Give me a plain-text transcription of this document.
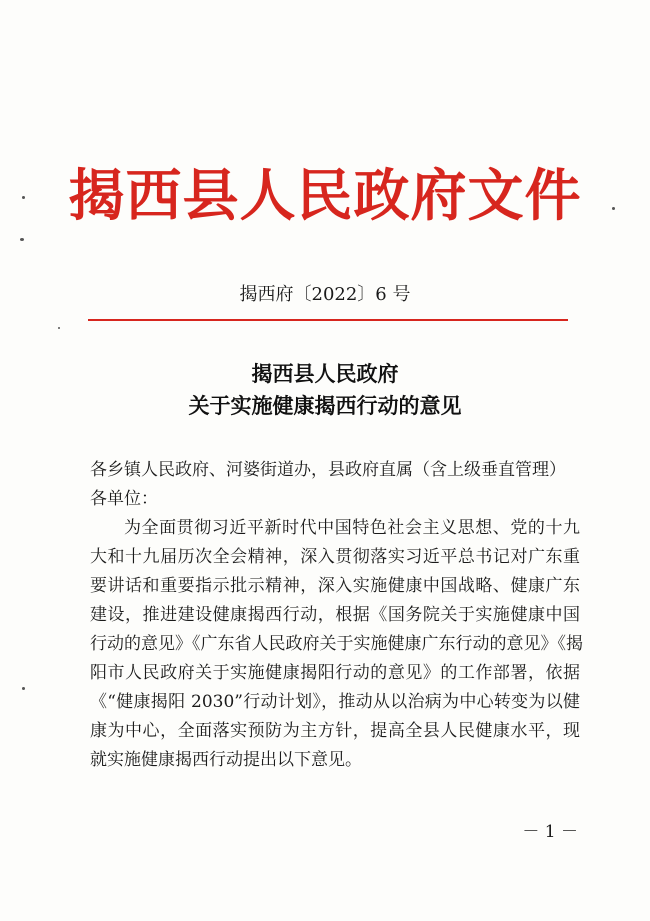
揭西县人民政府文件
揭西府〔2022〕6 号
揭西县人民政府
关于实施健康揭西行动的意见
各乡镇人民政府、河婆街道办，县政府直属（含上级垂直管理）
各单位：
为全面贯彻习近平新时代中国特色社会主义思想、党的十九
大和十九届历次全会精神，深入贯彻落实习近平总书记对广东重
要讲话和重要指示批示精神，深入实施健康中国战略、健康广东
建设，推进建设健康揭西行动，根据《国务院关于实施健康中国
行动的意见》《广东省人民政府关于实施健康广东行动的意见》《揭
阳市人民政府关于实施健康揭阳行动的意见》的工作部署，依据
《“健康揭阳 2030”行动计划》，推动从以治病为中心转变为以健
康为中心，全面落实预防为主方针，提高全县人民健康水平，现
就实施健康揭西行动提出以下意见。
－ 1 －
